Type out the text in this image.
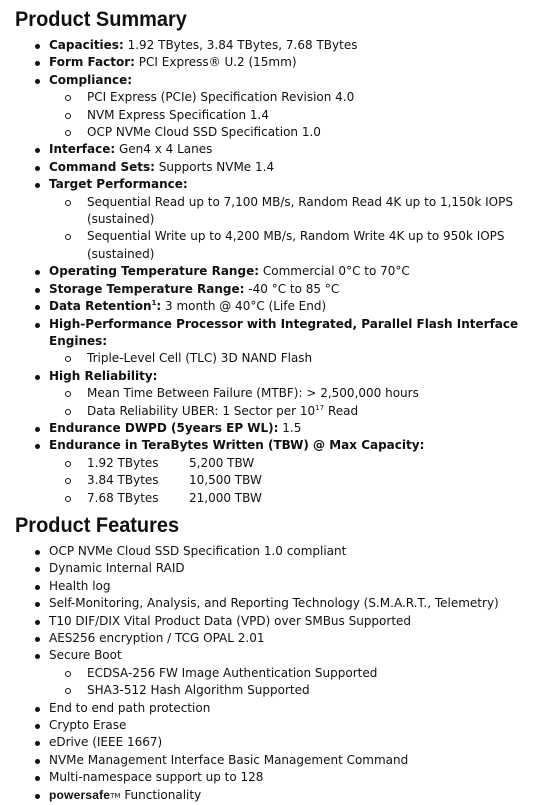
Product Summary
Capacities: 1.92 TBytes, 3.84 TBytes, 7.68 TBytes
Form Factor: PCI Express® U.2 (15mm)
Compliance:
PCI Express (PCIe) Specification Revision 4.0
NVM Express Specification 1.4
OCP NVMe Cloud SSD Specification 1.0
Interface: Gen4 x 4 Lanes
Command Sets: Supports NVMe 1.4
Target Performance:
Sequential Read up to 7,100 MB/s, Random Read 4K up to 1,150k IOPS (sustained)
Sequential Write up to 4,200 MB/s, Random Write 4K up to 950k IOPS (sustained)
Operating Temperature Range: Commercial 0°C to 70°C
Storage Temperature Range: -40 °C to 85 °C
Data Retention$^1$: 3 month @ 40°C (Life End)
High-Performance Processor with Integrated, Parallel Flash Interface Engines:
Triple-Level Cell (TLC) 3D NAND Flash
High Reliability:
Mean Time Between Failure (MTBF): > 2,500,000 hours
Data Reliability UBER: 1 Sector per $10^{17}$ Read
Endurance DWPD (5years EP WL): 1.5
Endurance in TeraBytes Written (TBW) @ Max Capacity:
1.92 TBytes	5,200 TBW
3.84 TBytes	10,500 TBW
7.68 TBytes	21,000 TBW
Product Features
OCP NVMe Cloud SSD Specification 1.0 compliant
Dynamic Internal RAID
Health log
Self-Monitoring, Analysis, and Reporting Technology (S.M.A.R.T., Telemetry)
T10 DIF/DIX Vital Product Data (VPD) over SMBus Supported
AES256 encryption / TCG OPAL 2.01
Secure Boot
ECDSA-256 FW Image Authentication Supported
SHA3-512 Hash Algorithm Supported
End to end path protection
Crypto Erase
eDrive (IEEE 1667)
NVMe Management Interface Basic Management Command
Multi-namespace support up to 128
powersafeTM Functionality
